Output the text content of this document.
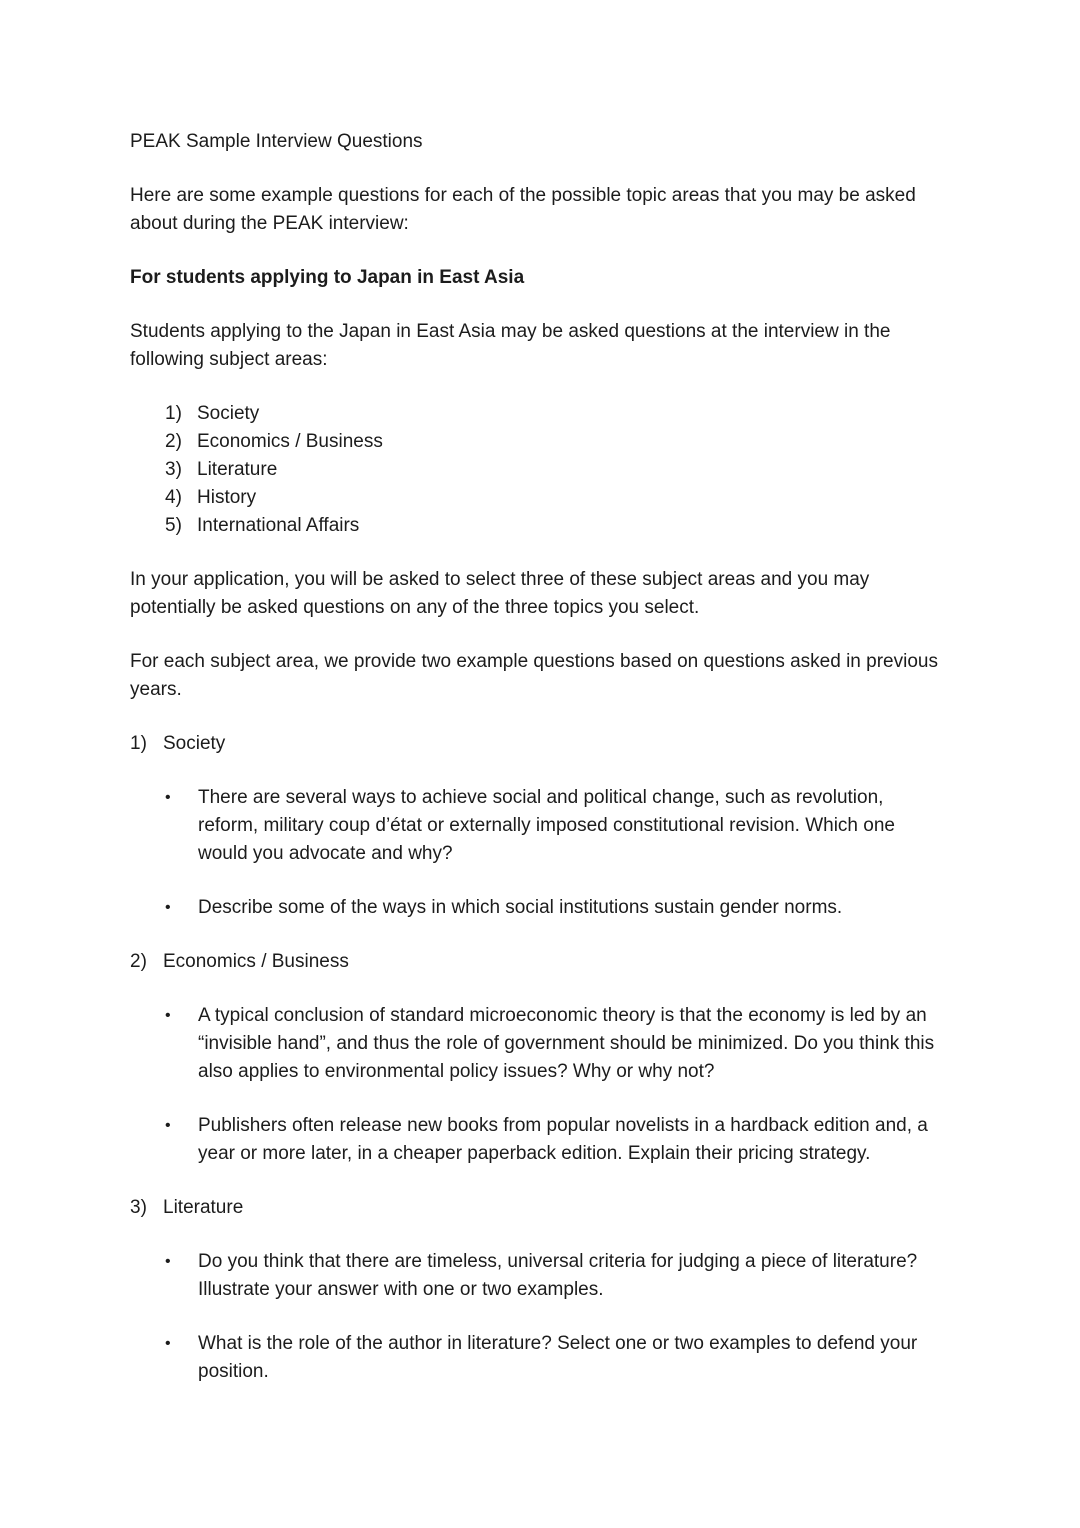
PEAK Sample Interview Questions
Here are some example questions for each of the possible topic areas that you may be asked about during the PEAK interview:
For students applying to Japan in East Asia
Students applying to the Japan in East Asia may be asked questions at the interview in the following subject areas:
1) Society
2) Economics / Business
3) Literature
4) History
5) International Affairs
In your application, you will be asked to select three of these subject areas and you may potentially be asked questions on any of the three topics you select.
For each subject area, we provide two example questions based on questions asked in previous years.
1) Society
•	There are several ways to achieve social and political change, such as revolution, reform, military coup d’état or externally imposed constitutional revision. Which one would you advocate and why?
•	Describe some of the ways in which social institutions sustain gender norms.
2) Economics / Business
•	A typical conclusion of standard microeconomic theory is that the economy is led by an “invisible hand”, and thus the role of government should be minimized. Do you think this also applies to environmental policy issues? Why or why not?
•	Publishers often release new books from popular novelists in a hardback edition and, a year or more later, in a cheaper paperback edition. Explain their pricing strategy.
3) Literature
•	Do you think that there are timeless, universal criteria for judging a piece of literature? Illustrate your answer with one or two examples.
•	What is the role of the author in literature? Select one or two examples to defend your position.
